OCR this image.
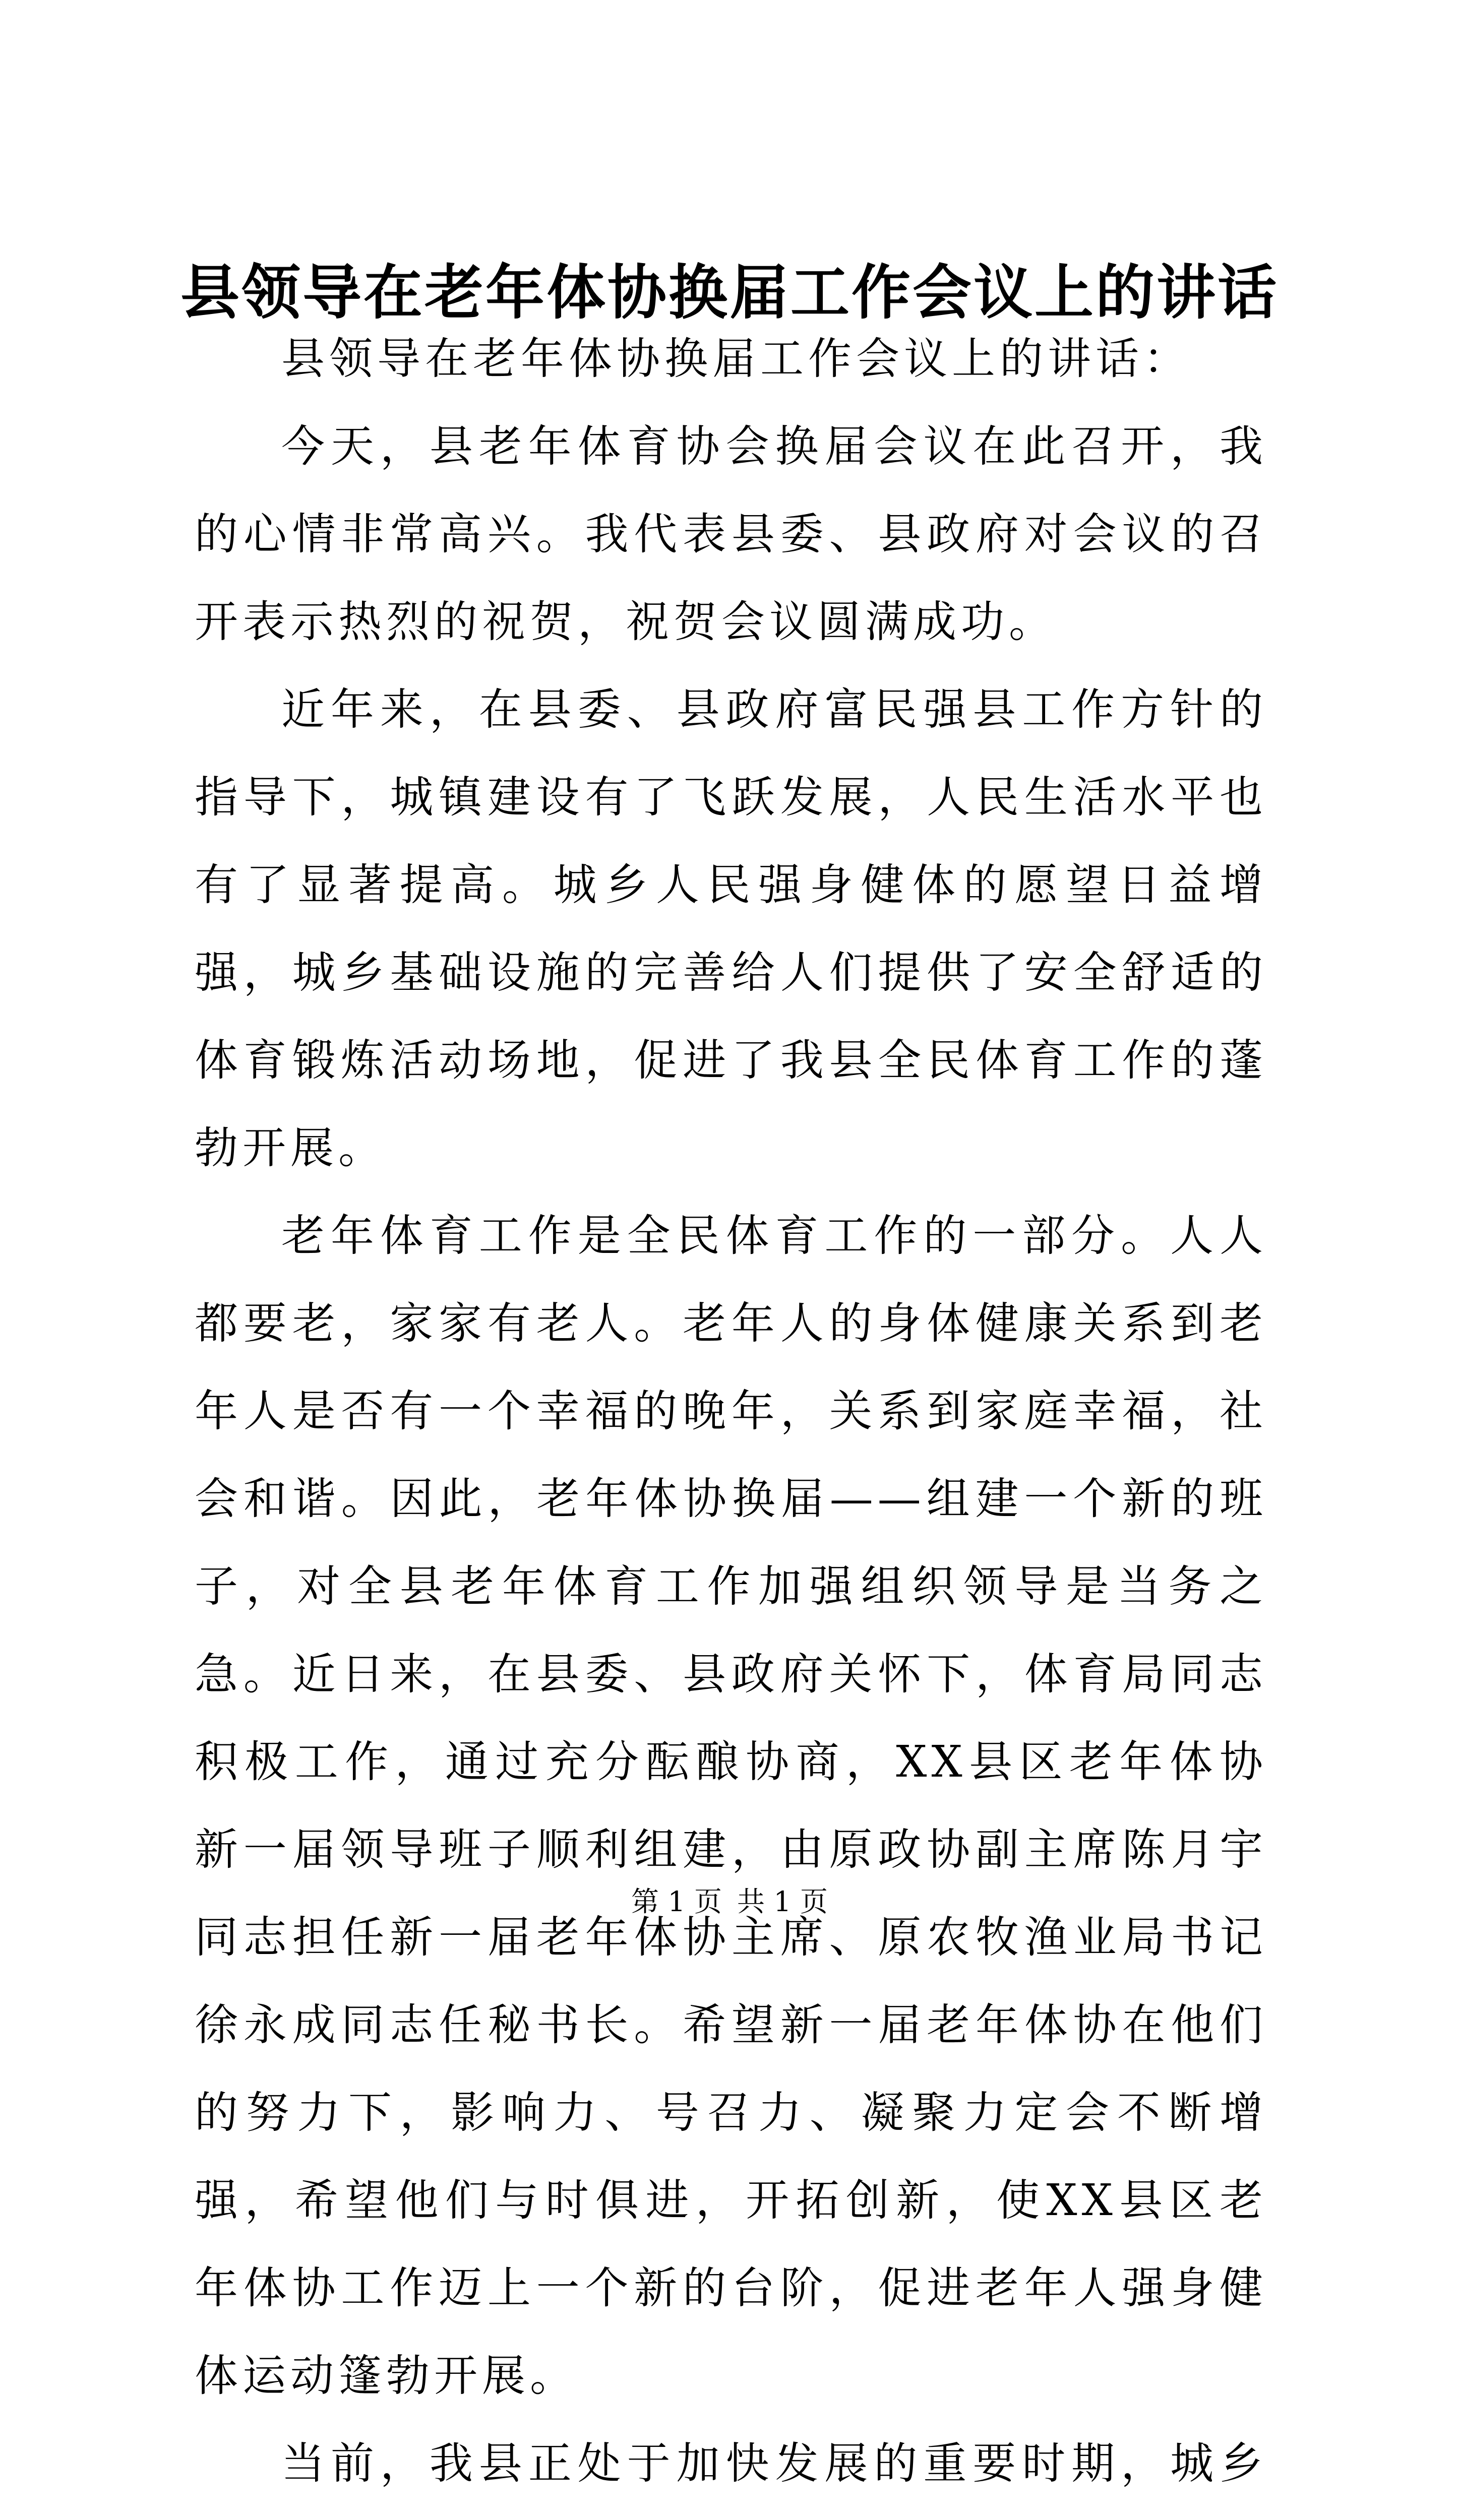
县领导在老年体协换届工作会议上的讲话

县领导在老年体协换届工作会议上的讲话：

今天，县老年体育协会换届会议在此召开，我的心情非常高兴。我代表县委、县政府对会议的召开表示热烈的祝贺，祝贺会议圆满成功。

近年来，在县委、县政府富民强县工作方针的指导下，城镇建设有了飞跃发展，人民生活水平也有了显著提高。城乡人民强身健体的愿望日益增强，城乡基础设施的完善给人们提供了安全舒适的体育锻炼活动场地，促进了我县全民体育工作的蓬勃开展。

老年体育工作是全民体育工作的一部分。人人都要老，家家有老人。老年人的身体健康关系到老年人是否有一个幸福的晚年，关系到家庭幸福，社会和谐。因此，老年体协换届——组建一个新的班子，对全县老年体育工作加强组织领导是当务之急。近日来，在县委、县政府关怀下，体育局同志积极工作，通过充分酝酿协商，XX县区老年体协新一届领导班子顺利组建，由原政协副主席陈月宇同志担任新一届老年体协主席、原农牧渔业局书记徐永成同志任秘书长。希望新一届老年体协在他们的努力下，影响力、号召力、凝聚力定会不断增强，希望他们与时俱进，开拓创新，使XX县区老年体协工作迈上一个新的台阶，促进老年人强身健体运动篷勃开展。

当前，我县正处于加快发展的重要时期，城乡

第 1 页 共 1 页
